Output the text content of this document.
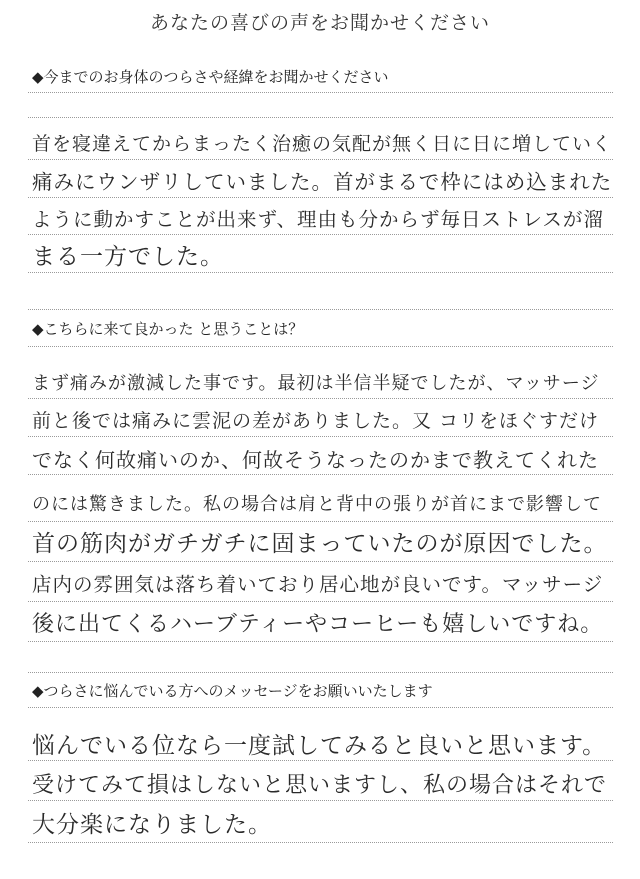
あなたの喜びの声をお聞かせください
◆今までのお身体のつらさや経緯をお聞かせください
首を寝違えてからまったく治癒の気配が無く日に日に増していく
痛みにウンザリしていました。首がまるで枠にはめ込まれた
ように動かすことが出来ず、理由も分からず毎日ストレスが溜
まる一方でした。
◆こちらに来て良かった と思うことは？
まず痛みが激減した事です。最初は半信半疑でしたが、マッサージ
前と後では痛みに雲泥の差がありました。又 コリをほぐすだけ
でなく何故痛いのか、何故そうなったのかまで教えてくれた
のには驚きました。私の場合は肩と背中の張りが首にまで影響して
首の筋肉がガチガチに固まっていたのが原因でした。
店内の雰囲気は落ち着いており居心地が良いです。マッサージ
後に出てくるハーブティーやコーヒーも嬉しいですね。
◆つらさに悩んでいる方へのメッセージをお願いいたします
悩んでいる位なら一度試してみると良いと思います。
受けてみて損はしないと思いますし、私の場合はそれで
大分楽になりました。
